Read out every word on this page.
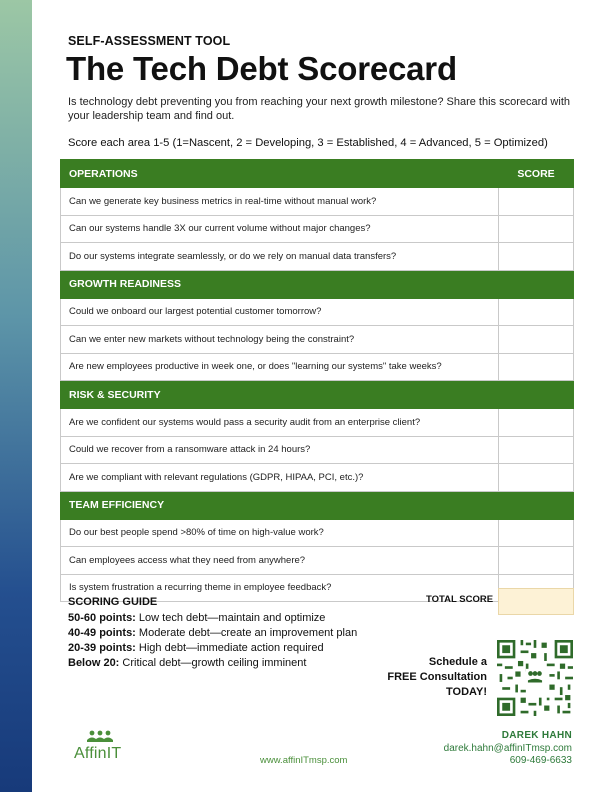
SELF-ASSESSMENT TOOL
The Tech Debt Scorecard
Is technology debt preventing you from reaching your next growth milestone? Share this scorecard with your leadership team and find out.
Score each area 1-5 (1=Nascent, 2 = Developing, 3 = Established, 4 = Advanced, 5 = Optimized)
OPERATIONS	SCORE
Can we generate key business metrics in real-time without manual work?	
Can our systems handle 3X our current volume without major changes?	
Do our systems integrate seamlessly, or do we rely on manual data transfers?	
GROWTH READINESS	
Could we onboard our largest potential customer tomorrow?	
Can we enter new markets without technology being the constraint?	
Are new employees productive in week one, or does "learning our systems" take weeks?	
RISK & SECURITY	
Are we confident our systems would pass a security audit from an enterprise client?	
Could we recover from a ransomware attack in 24 hours?	
Are we compliant with relevant regulations (GDPR, HIPAA, PCI, etc.)?	
TEAM EFFICIENCY	
Do our best people spend >80% of time on high-value work?	
Can employees access what they need from anywhere?	
Is system frustration a recurring theme in employee feedback?	
TOTAL SCORE
SCORING GUIDE
50-60 points: Low tech debt—maintain and optimize
40-49 points: Moderate debt—create an improvement plan
20-39 points: High debt—immediate action required
Below 20: Critical debt—growth ceiling imminent	Schedule a
FREE Consultation
TODAY!
AffinIT	www.affinITmsp.com
DAREK HAHN
darek.hahn@affinITmsp.com
609-469-6633
